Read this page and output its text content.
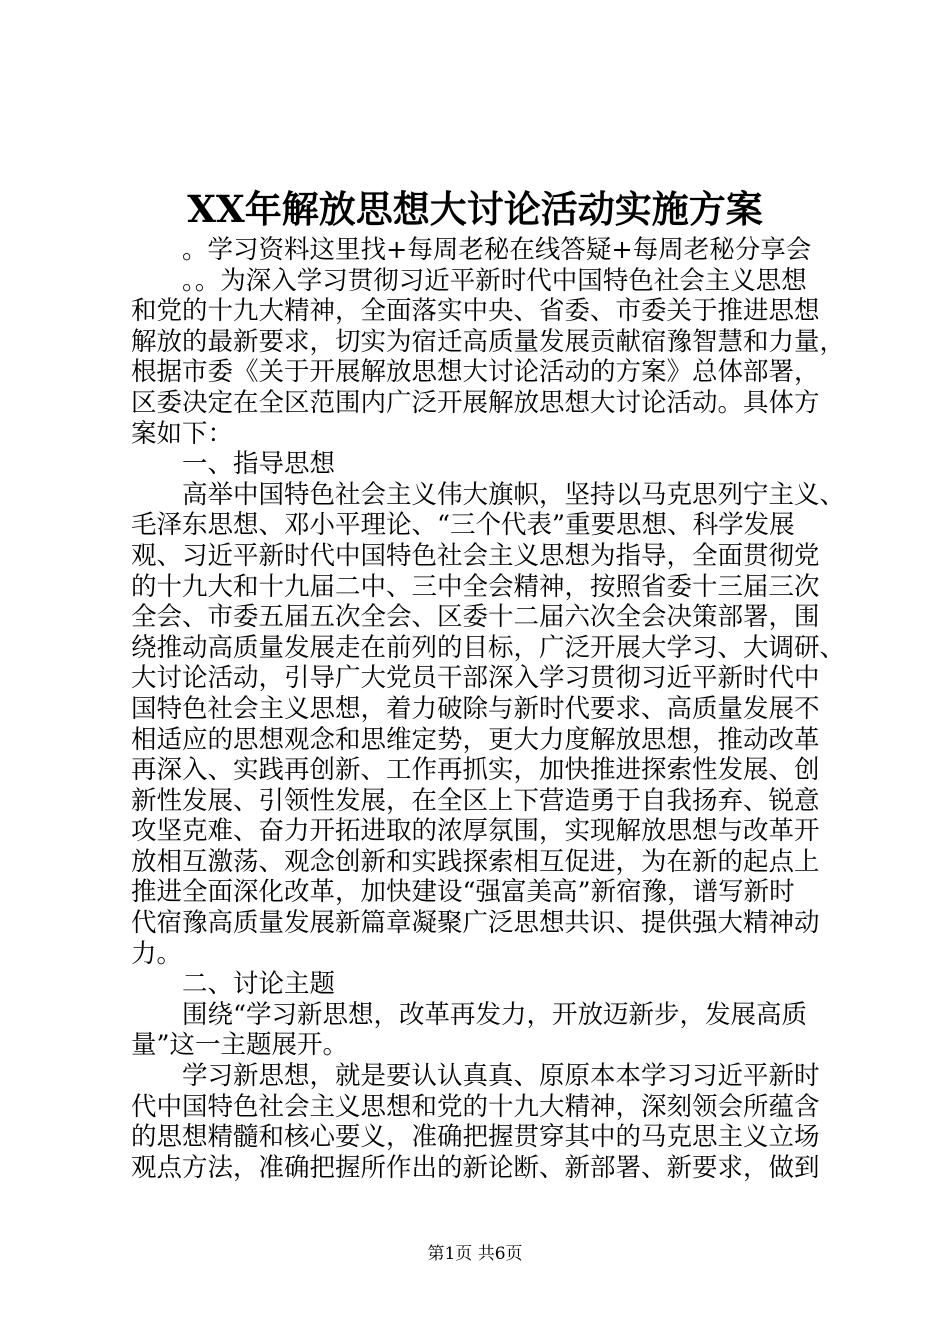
XX年解放思想大讨论活动实施方案
。学习资料这里找+每周老秘在线答疑+每周老秘分享会
。。为深入学习贯彻习近平新时代中国特色社会主义思想
和党的十九大精神，全面落实中央、省委、市委关于推进思想
解放的最新要求，切实为宿迁高质量发展贡献宿豫智慧和力量，
根据市委《关于开展解放思想大讨论活动的方案》总体部署，
区委决定在全区范围内广泛开展解放思想大讨论活动。具体方
案如下：
一、指导思想
高举中国特色社会主义伟大旗帜，坚持以马克思列宁主义、
毛泽东思想、邓小平理论、“三个代表”重要思想、科学发展
观、习近平新时代中国特色社会主义思想为指导，全面贯彻党
的十九大和十九届二中、三中全会精神，按照省委十三届三次
全会、市委五届五次全会、区委十二届六次全会决策部署，围
绕推动高质量发展走在前列的目标，广泛开展大学习、大调研、
大讨论活动，引导广大党员干部深入学习贯彻习近平新时代中
国特色社会主义思想，着力破除与新时代要求、高质量发展不
相适应的思想观念和思维定势，更大力度解放思想，推动改革
再深入、实践再创新、工作再抓实，加快推进探索性发展、创
新性发展、引领性发展，在全区上下营造勇于自我扬弃、锐意
攻坚克难、奋力开拓进取的浓厚氛围，实现解放思想与改革开
放相互激荡、观念创新和实践探索相互促进，为在新的起点上
推进全面深化改革，加快建设“强富美高”新宿豫，谱写新时
代宿豫高质量发展新篇章凝聚广泛思想共识、提供强大精神动
力。
二、讨论主题
围绕“学习新思想，改革再发力，开放迈新步，发展高质
量”这一主题展开。
学习新思想，就是要认认真真、原原本本学习习近平新时
代中国特色社会主义思想和党的十九大精神，深刻领会所蕴含
的思想精髓和核心要义，准确把握贯穿其中的马克思主义立场
观点方法，准确把握所作出的新论断、新部署、新要求，做到
第1页 共6页
